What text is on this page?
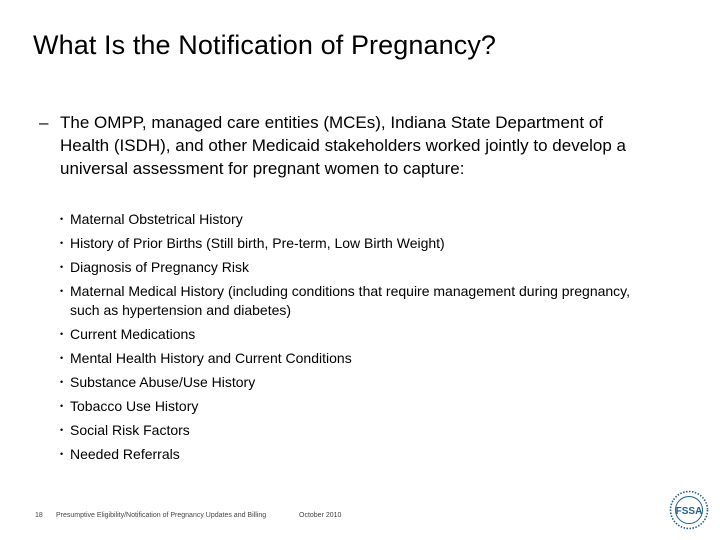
What Is the Notification of Pregnancy?
– The OMPP, managed care entities (MCEs), Indiana State Department of Health (ISDH), and other Medicaid stakeholders worked jointly to develop a universal assessment for pregnant women to capture:

• Maternal Obstetrical History
• History of Prior Births (Still birth, Pre-term, Low Birth Weight)
• Diagnosis of Pregnancy Risk
• Maternal Medical History (including conditions that require management during pregnancy, such as hypertension and diabetes)
• Current Medications
• Mental Health History and Current Conditions
• Substance Abuse/Use History
• Tobacco Use History
• Social Risk Factors
• Needed Referrals
18 Presumptive Eligibility/Notification of Pregnancy Updates and Billing	October 2010	FSSA
